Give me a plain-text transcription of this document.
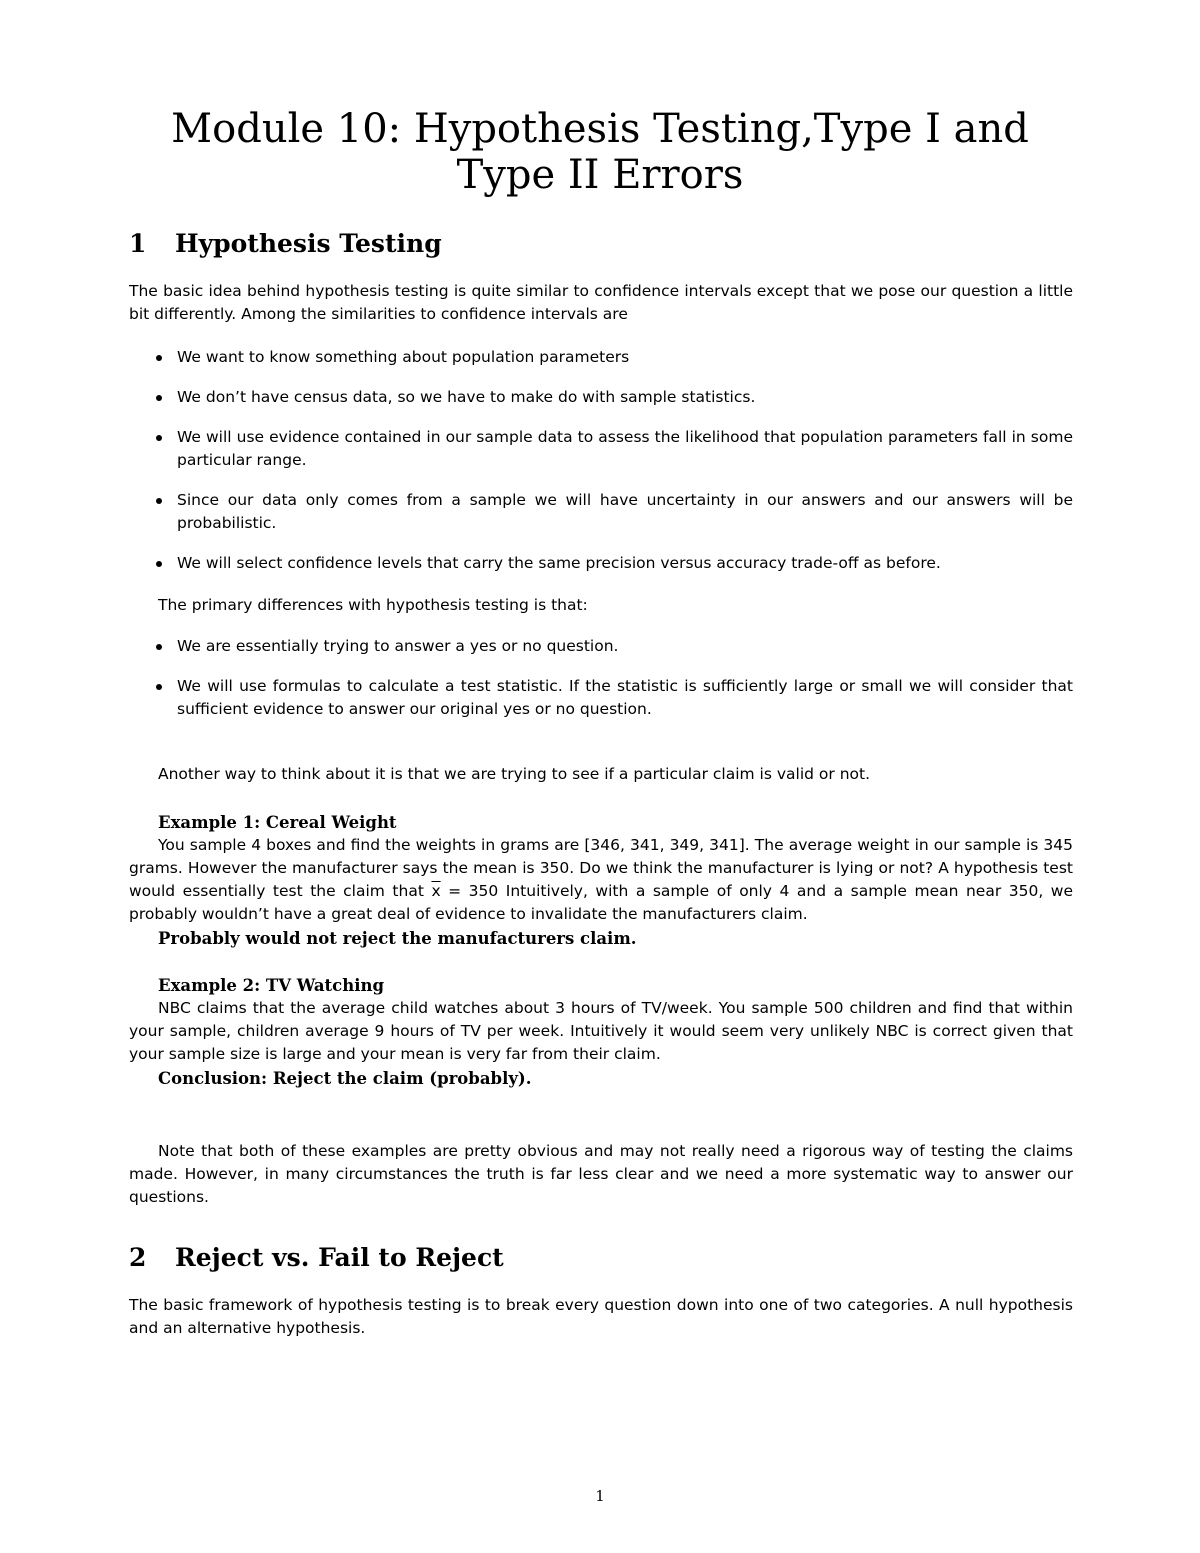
Module 10: Hypothesis Testing,Type I and
Type II Errors
1 Hypothesis Testing

The basic idea behind hypothesis testing is quite similar to confidence intervals except that we pose our question a little bit differently. Among the similarities to confidence intervals are

We want to know something about population parameters
We don’t have census data, so we have to make do with sample statistics.
We will use evidence contained in our sample data to assess the likelihood that population parameters fall in some particular range.
Since our data only comes from a sample we will have uncertainty in our answers and our answers will be probabilistic.
We will select confidence levels that carry the same precision versus accuracy trade-off as before.

The primary differences with hypothesis testing is that:

We are essentially trying to answer a yes or no question.
We will use formulas to calculate a test statistic. If the statistic is sufficiently large or small we will consider that sufficient evidence to answer our original yes or no question.

Another way to think about it is that we are trying to see if a particular claim is valid or not.

Example 1: Cereal Weight
You sample 4 boxes and find the weights in grams are [346, 341, 349, 341]. The average weight in our sample is 345 grams. However the manufacturer says the mean is 350. Do we think the manufacturer is lying or not? A hypothesis test would essentially test the claim that $\overline{x} = 350$ Intuitively, with a sample of only 4 and a sample mean near 350, we probably wouldn’t have a great deal of evidence to invalidate the manufacturers claim.
Probably would not reject the manufacturers claim.
Example 2: TV Watching
NBC claims that the average child watches about 3 hours of TV/week. You sample 500 children and find that within your sample, children average 9 hours of TV per week. Intuitively it would seem very unlikely NBC is correct given that your sample size is large and your mean is very far from their claim.
Conclusion: Reject the claim (probably).

Note that both of these examples are pretty obvious and may not really need a rigorous way of testing the claims made. However, in many circumstances the truth is far less clear and we need a more systematic way to answer our questions.

2 Reject vs. Fail to Reject

The basic framework of hypothesis testing is to break every question down into one of two categories. A null hypothesis and an alternative hypothesis.

1
